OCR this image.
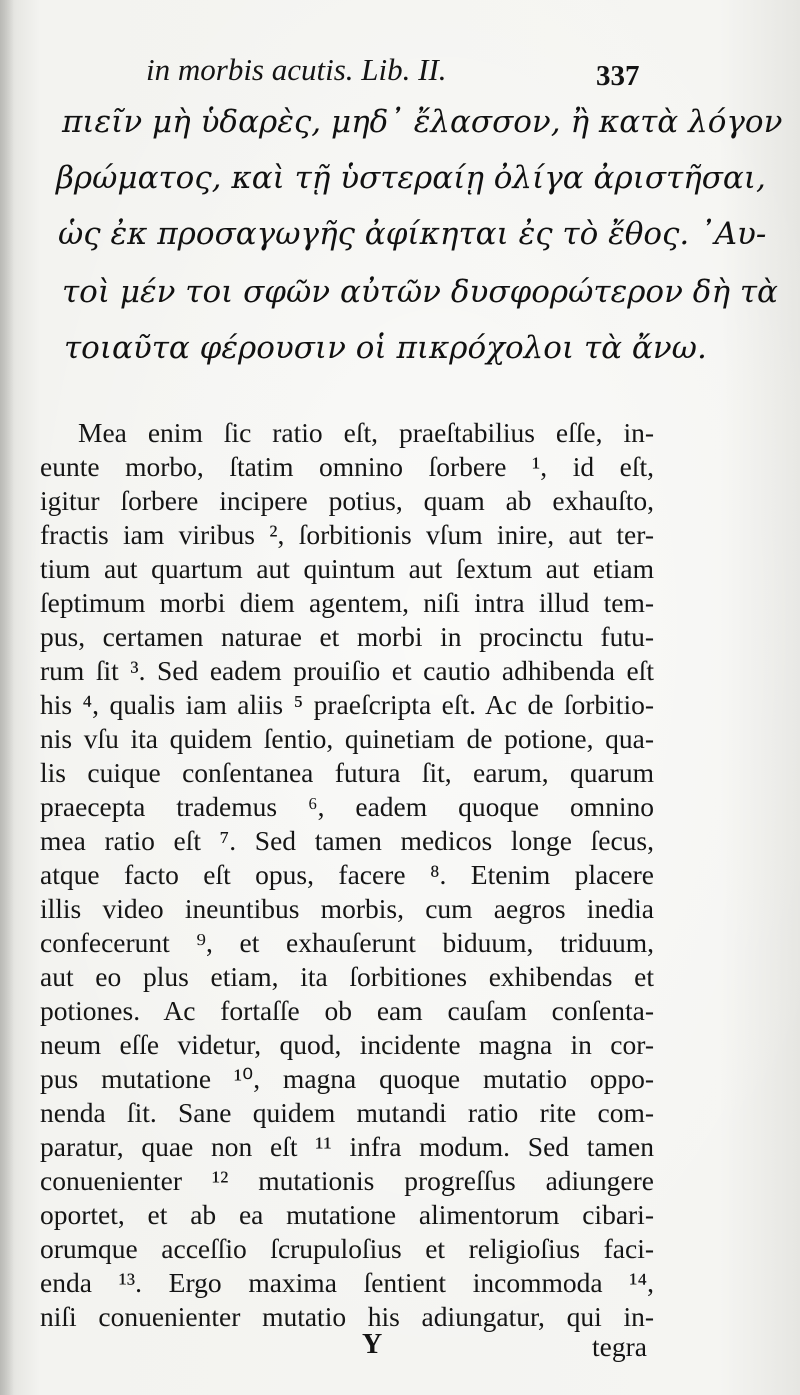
in morbis acutis. Lib. II.	337
πιεῖν μὴ ὑδαρὲς, μηδ᾽ ἔλασσον, ἢ κατὰ λόγον
βρώματος, καὶ τῇ ὑστεραίῃ ὀλίγα ἀριστῆσαι,
ὡς ἐκ προσαγωγῆς ἀφίκηται ἐς τὸ ἔθος. ᾿Αυ-
τοὶ μέν τοι σφῶν αὐτῶν δυσφορώτερον δὴ τὰ
τοιαῦτα φέρουσιν οἱ πικρόχολοι τὰ ἄνω.
Mea enim ſic ratio eſt, praeſtabilius eſſe, in-
eunte morbo, ſtatim omnino ſorbere ¹, id eſt,
igitur ſorbere incipere potius, quam ab exhauſto,
fractis iam viribus ², ſorbitionis vſum inire, aut ter-
tium aut quartum aut quintum aut ſextum aut etiam
ſeptimum morbi diem agentem, niſi intra illud tem-
pus, certamen naturae et morbi in procinctu futu-
rum ſit ³. Sed eadem prouiſio et cautio adhibenda eſt
his ⁴, qualis iam aliis ⁵ praeſcripta eſt. Ac de ſorbitio-
nis vſu ita quidem ſentio, quinetiam de potione, qua-
lis cuique conſentanea futura ſit, earum, quarum
praecepta trademus ⁶, eadem quoque omnino
mea ratio eſt ⁷. Sed tamen medicos longe ſecus,
atque facto eſt opus, facere ⁸. Etenim placere
illis video ineuntibus morbis, cum aegros inedia
confecerunt ⁹, et exhauſerunt biduum, triduum,
aut eo plus etiam, ita ſorbitiones exhibendas et
potiones. Ac fortaſſe ob eam cauſam conſenta-
neum eſſe videtur, quod, incidente magna in cor-
pus mutatione ¹⁰, magna quoque mutatio oppo-
nenda ſit. Sane quidem mutandi ratio rite com-
paratur, quae non eſt ¹¹ infra modum. Sed tamen
conuenienter ¹² mutationis progreſſus adiungere
oportet, et ab ea mutatione alimentorum cibari-
orumque acceſſio ſcrupuloſius et religioſius faci-
enda ¹³. Ergo maxima ſentient incommoda ¹⁴,
niſi conuenienter mutatio his adiungatur, qui in-
Y	tegra
